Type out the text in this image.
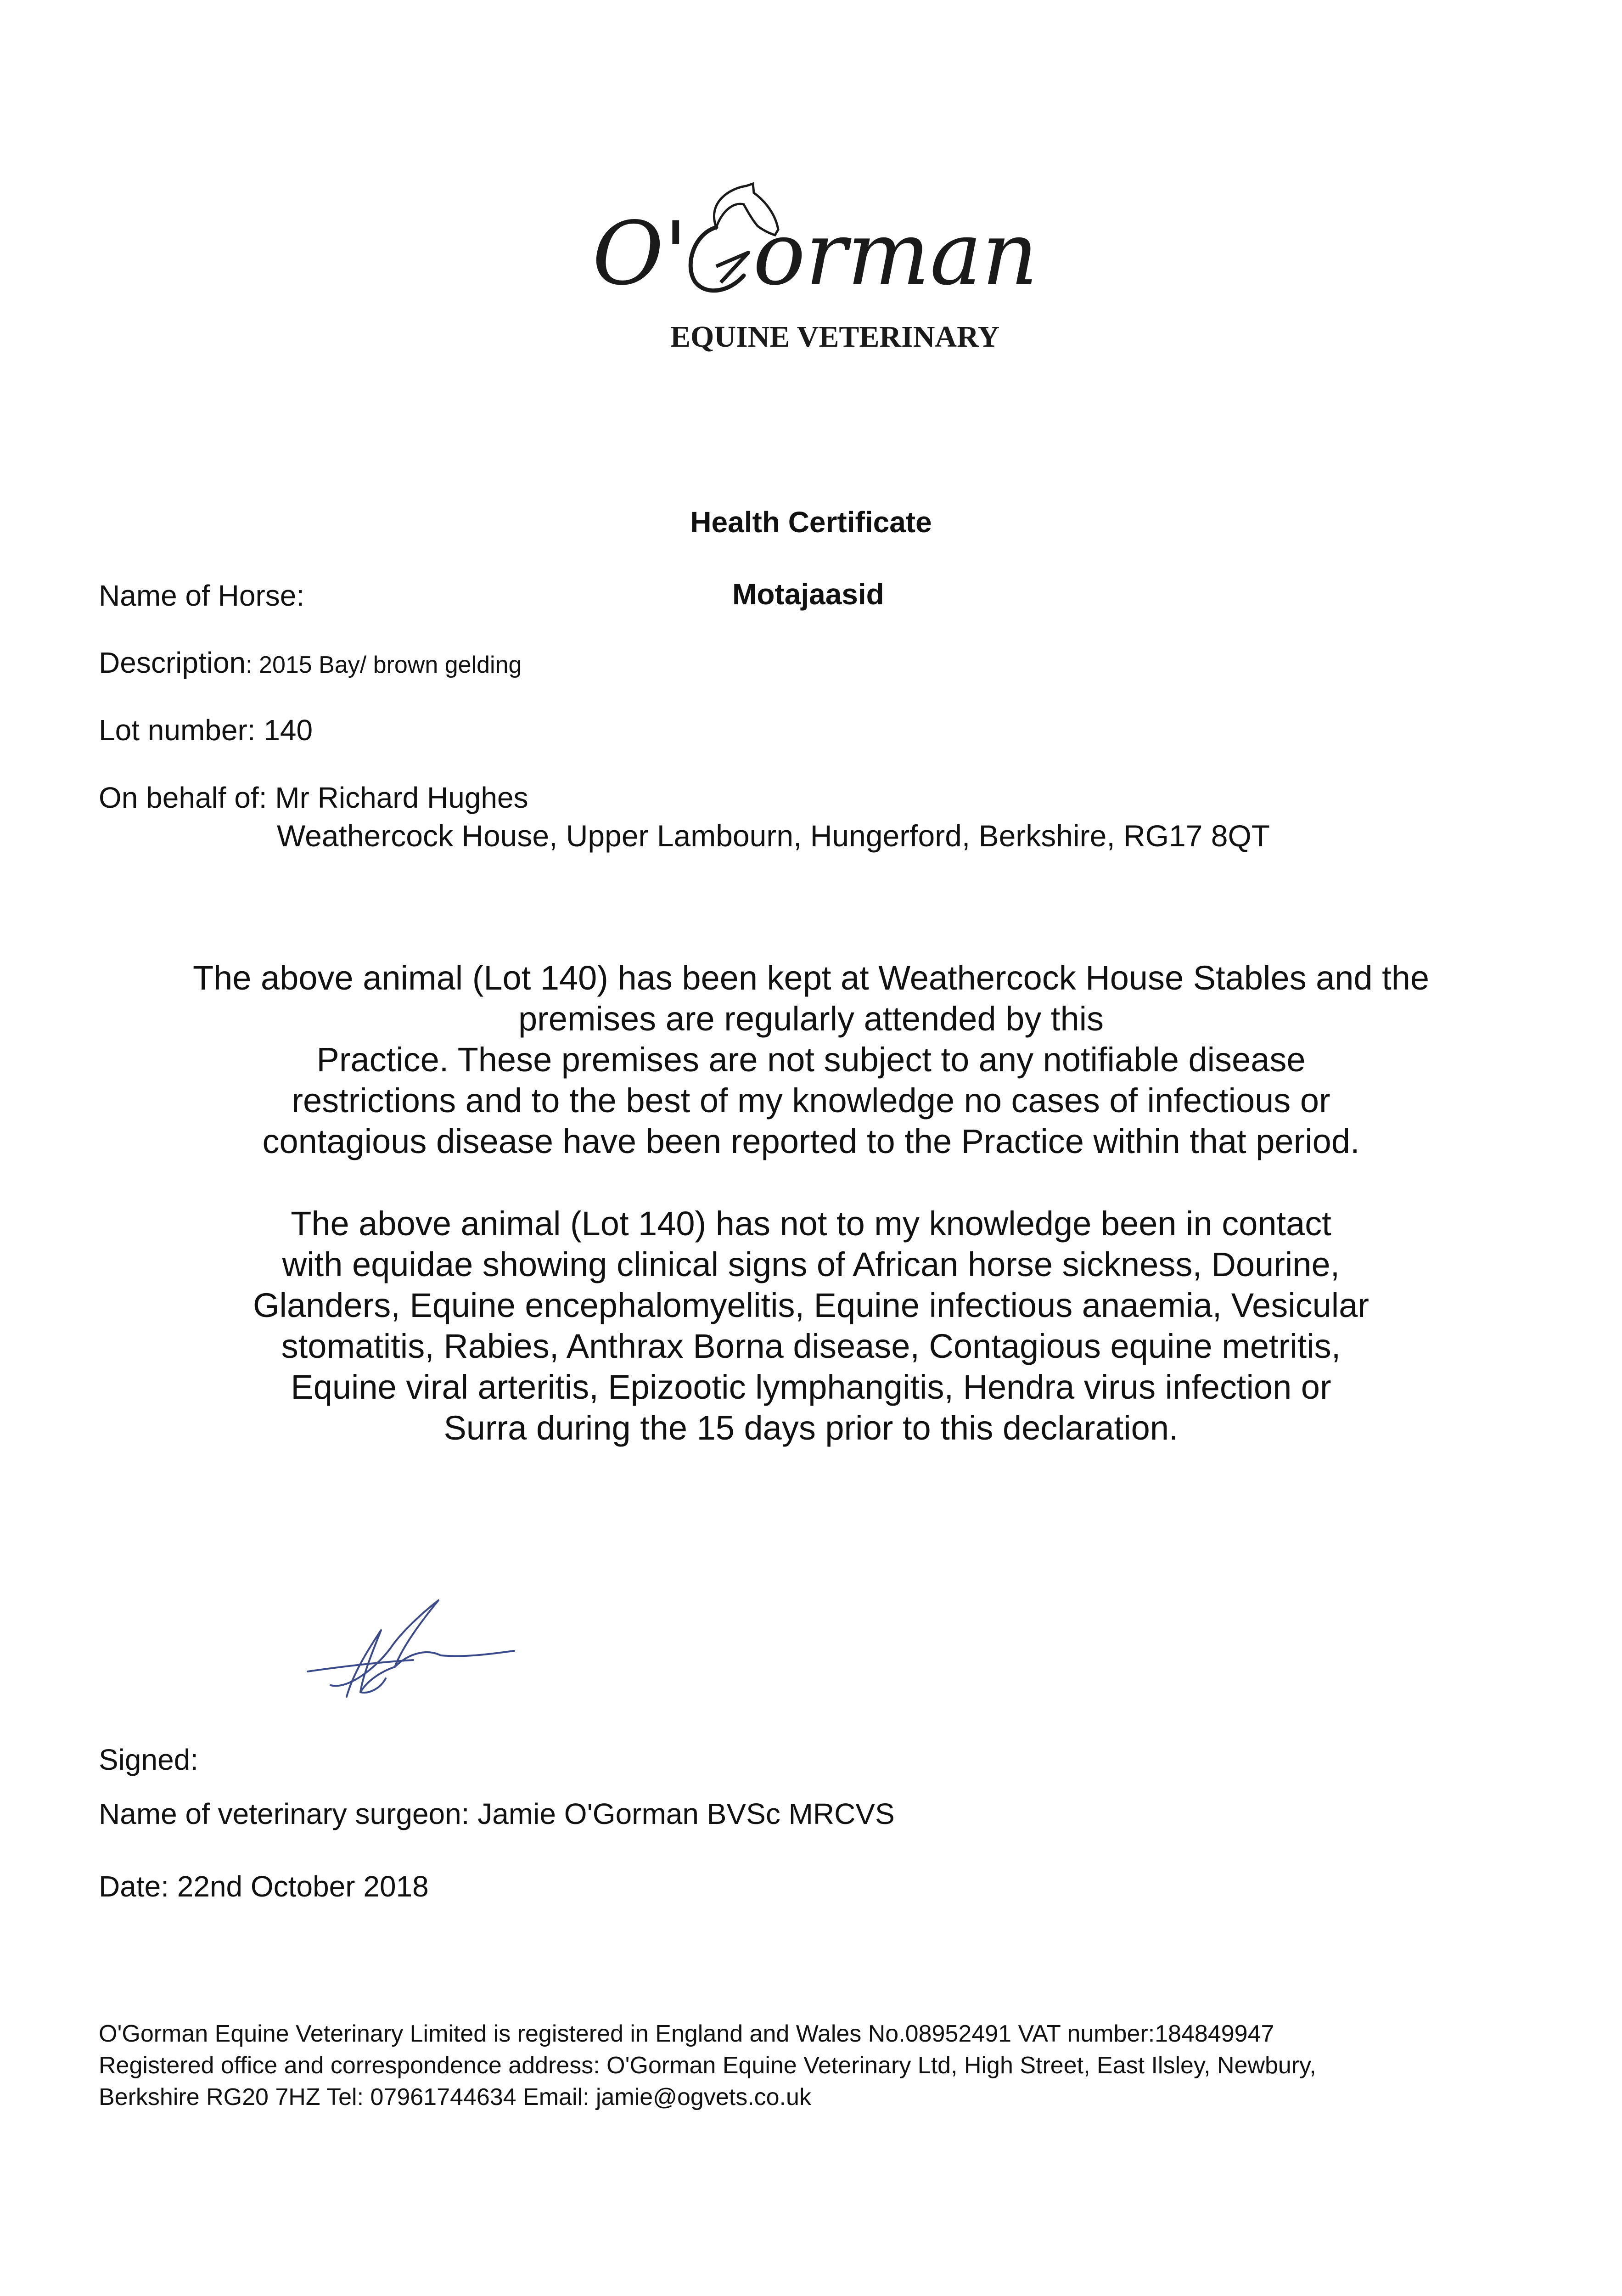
O' orman
EQUINE VETERINARY
Health Certificate
Name of Horse:	Motajaasid
Description: 2015 Bay/ brown gelding
Lot number: 140
On behalf of: Mr Richard Hughes
Weathercock House, Upper Lambourn, Hungerford, Berkshire, RG17 8QT
The above animal (Lot 140) has been kept at Weathercock House Stables and the
premises are regularly attended by this
Practice. These premises are not subject to any notifiable disease
restrictions and to the best of my knowledge no cases of infectious or
contagious disease have been reported to the Practice within that period.
The above animal (Lot 140) has not to my knowledge been in contact
with equidae showing clinical signs of African horse sickness, Dourine,
Glanders, Equine encephalomyelitis, Equine infectious anaemia, Vesicular
stomatitis, Rabies, Anthrax Borna disease, Contagious equine metritis,
Equine viral arteritis, Epizootic lymphangitis, Hendra virus infection or
Surra during the 15 days prior to this declaration.
Signed:
Name of veterinary surgeon: Jamie O'Gorman BVSc MRCVS
Date: 22nd October 2018
O'Gorman Equine Veterinary Limited is registered in England and Wales No.08952491 VAT number:184849947
Registered office and correspondence address: O'Gorman Equine Veterinary Ltd, High Street, East Ilsley, Newbury,
Berkshire RG20 7HZ Tel: 07961744634 Email: jamie@ogvets.co.uk
